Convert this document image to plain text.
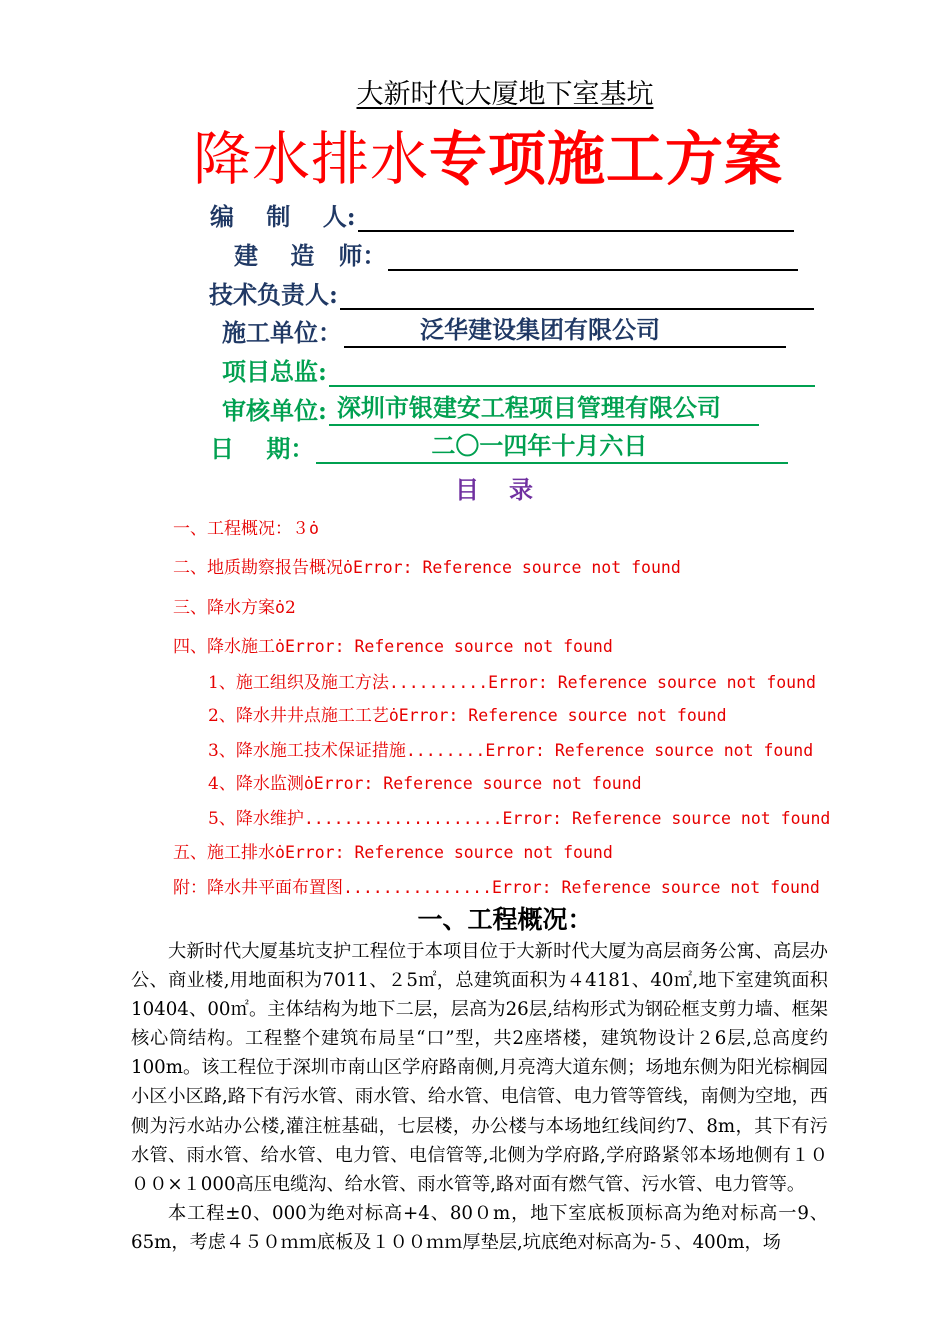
大新时代大厦地下室基坑
降水排水专项施工方案
编　 制　 人:
建　 造　师：
技术负责人:
施工单位：	泛华建设集团有限公司
项目总监:
审核单位: 深圳市银建安工程项目管理有限公司
日　 期：	二〇一四年十月六日
目录
一、工程概况：３ȯ
二、地质勘察报告概况ȯError: Reference source not found
三、降水方案ȯ2
四、降水施工ȯError: Reference source not found
1、施工组织及施工方法..........Error: Reference source not found
2、降水井井点施工工艺ȯError: Reference source not found
3、降水施工技术保证措施........Error: Reference source not found
4、降水监测ȯError: Reference source not found
5、降水维护....................Error: Reference source not found
五、施工排水ȯError: Reference source not found
附：降水井平面布置图...............Error: Reference source not found
一、工程概况：

大新时代大厦基坑支护工程位于本项目位于大新时代大厦为高层商务公寓、高层办公、商业楼,用地面积为7011、２5㎡，总建筑面积为４4181、40㎡,地下室建筑面积10404、00㎡。主体结构为地下二层，层高为26层,结构形式为钢砼框支剪力墙、框架核心筒结构。工程整个建筑布局呈“口”型，共2座塔楼，建筑物设计２6层,总高度约100m。该工程位于深圳市南山区学府路南侧,月亮湾大道东侧；场地东侧为阳光棕榈园小区小区路,路下有污水管、雨水管、给水管、电信管、电力管等管线，南侧为空地，西侧为污水站办公楼,灌注桩基础，七层楼，办公楼与本场地红线间约7、8m，其下有污水管、雨水管、给水管、电力管、电信管等,北侧为学府路,学府路紧邻本场地侧有１０００×１000高压电缆沟、给水管、雨水管等,路对面有燃气管、污水管、电力管等。

本工程±0、000为绝对标高+4、80０m，地下室底板顶标高为绝对标高一9、65m，考虑４５０ｍｍ底板及１００ｍｍ厚垫层,坑底绝对标高为-５、400m，场
